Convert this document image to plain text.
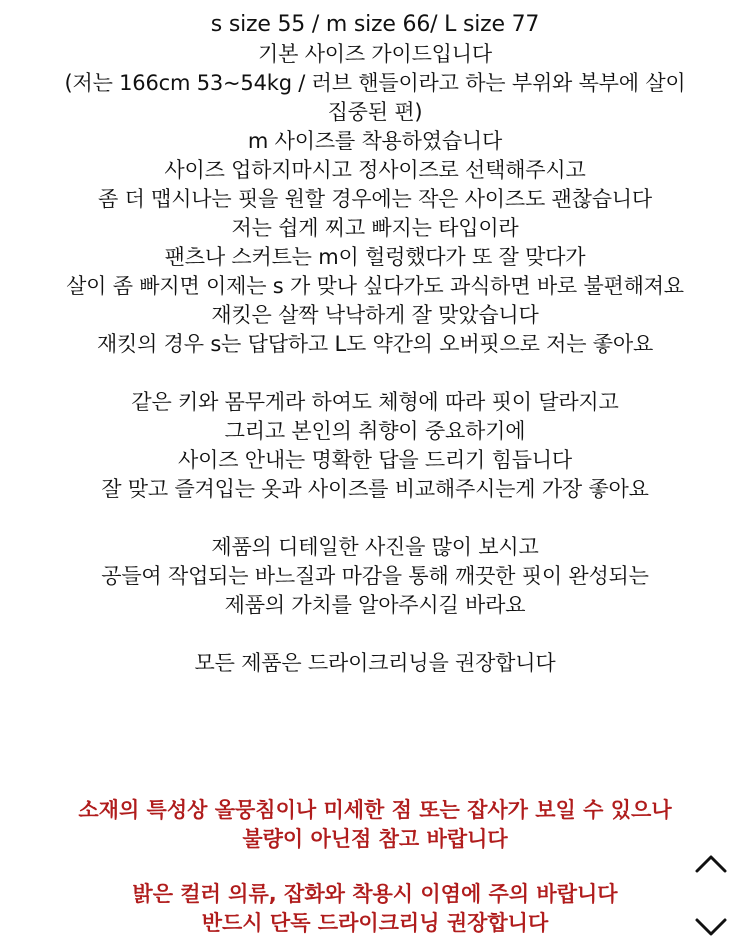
s size 55 / m size 66/ L size 77
기본 사이즈 가이드입니다
(저는 166cm 53~54kg / 러브 핸들이라고 하는 부위와 복부에 살이
집중된 편)
m 사이즈를 착용하였습니다
사이즈 업하지마시고 정사이즈로 선택해주시고
좀 더 맵시나는 핏을 원할 경우에는 작은 사이즈도 괜찮습니다
저는 쉽게 찌고 빠지는 타입이라
팬츠나 스커트는 m이 헐렁했다가 또 잘 맞다가
살이 좀 빠지면 이제는 s 가 맞나 싶다가도 과식하면 바로 불편해져요
재킷은 살짝 낙낙하게 잘 맞았습니다
재킷의 경우 s는 답답하고 L도 약간의 오버핏으로 저는 좋아요
같은 키와 몸무게라 하여도 체형에 따라 핏이 달라지고
그리고 본인의 취향이 중요하기에
사이즈 안내는 명확한 답을 드리기 힘듭니다
잘 맞고 즐겨입는 옷과 사이즈를 비교해주시는게 가장 좋아요
제품의 디테일한 사진을 많이 보시고
공들여 작업되는 바느질과 마감을 통해 깨끗한 핏이 완성되는
제품의 가치를 알아주시길 바라요
모든 제품은 드라이크리닝을 권장합니다
소재의 특성상 올뭉침이나 미세한 점 또는 잡사가 보일 수 있으나
불량이 아닌점 참고 바랍니다
밝은 컬러 의류, 잡화와 착용시 이염에 주의 바랍니다
반드시 단독 드라이크리닝 권장합니다
